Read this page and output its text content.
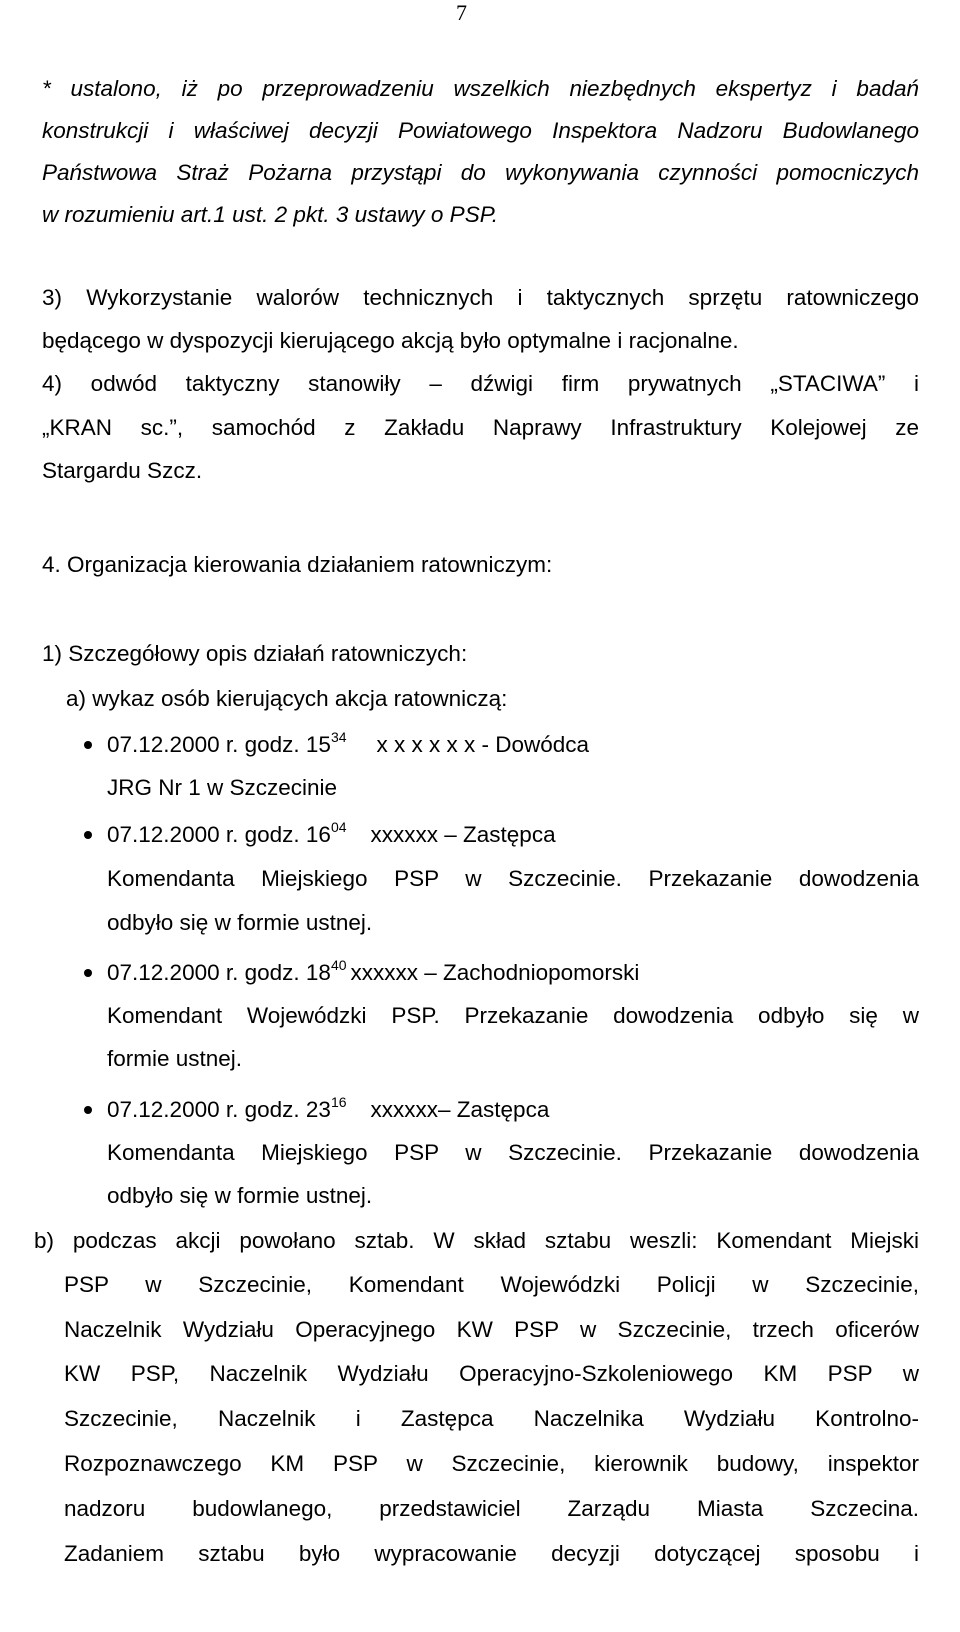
7
* ustalono, iż po przeprowadzeniu wszelkich niezbędnych ekspertyz i badań
konstrukcji i właściwej decyzji Powiatowego Inspektora Nadzoru Budowlanego
Państwowa Straż Pożarna przystąpi do wykonywania czynności pomocniczych
w rozumieniu art.1 ust. 2 pkt. 3 ustawy o PSP.
3) Wykorzystanie walorów technicznych i taktycznych sprzętu ratowniczego
będącego w dyspozycji kierującego akcją było optymalne i racjonalne.
4) odwód taktyczny stanowiły – dźwigi firm prywatnych „STACIWA” i
„KRAN sc.”, samochód z Zakładu Naprawy Infrastruktury Kolejowej ze
Stargardu Szcz.
4. Organizacja kierowania działaniem ratowniczym:
1) Szczegółowy opis działań ratowniczych:
a) wykaz osób kierujących akcja ratowniczą:
07.12.2000 r. godz. $15^{34}$ x x x x x x - Dowódca
JRG Nr 1 w Szczecinie
07.12.2000 r. godz. $16^{04}$ xxxxxx – Zastępca
Komendanta Miejskiego PSP w Szczecinie. Przekazanie dowodzenia
odbyło się w formie ustnej.
07.12.2000 r. godz. $18^{40}$ xxxxxx – Zachodniopomorski
Komendant Wojewódzki PSP. Przekazanie dowodzenia odbyło się w
formie ustnej.
07.12.2000 r. godz. $23^{16}$ xxxxxx– Zastępca
Komendanta Miejskiego PSP w Szczecinie. Przekazanie dowodzenia
odbyło się w formie ustnej.
b) podczas akcji powołano sztab. W skład sztabu weszli: Komendant Miejski
PSP w Szczecinie, Komendant Wojewódzki Policji w Szczecinie,
Naczelnik Wydziału Operacyjnego KW PSP w Szczecinie, trzech oficerów
KW PSP, Naczelnik Wydziału Operacyjno-Szkoleniowego KM PSP w
Szczecinie, Naczelnik i Zastępca Naczelnika Wydziału Kontrolno-
Rozpoznawczego KM PSP w Szczecinie, kierownik budowy, inspektor
nadzoru budowlanego, przedstawiciel Zarządu Miasta Szczecina.
Zadaniem sztabu było wypracowanie decyzji dotyczącej sposobu i
